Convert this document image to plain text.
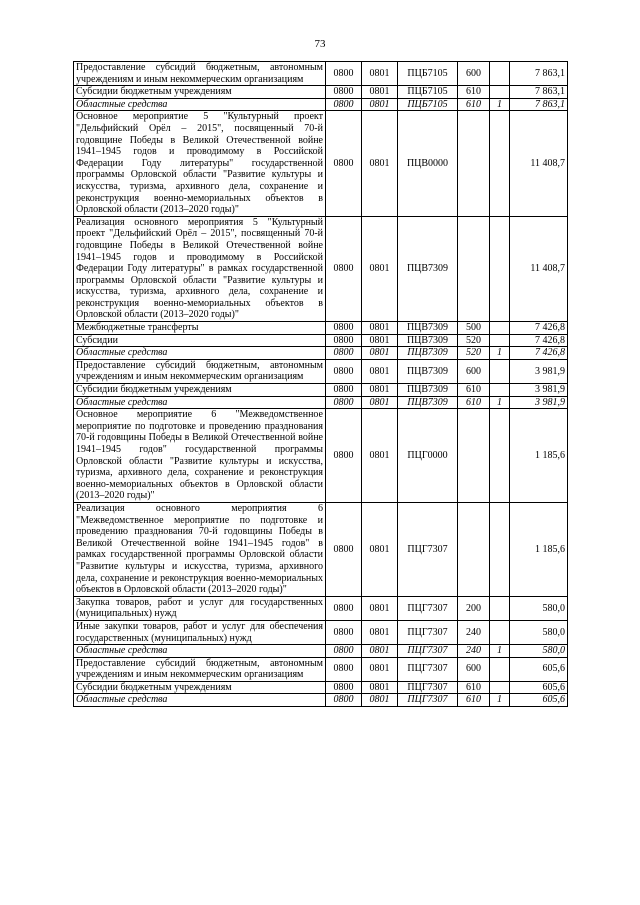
73
Предоставление субсидий бюджетным, автономным учреждениям и иным некоммерческим организациям	0800	0801	ПЦБ7105	600		7 863,1
Субсидии бюджетным учреждениям	0800	0801	ПЦБ7105	610		7 863,1
Областные средства	0800	0801	ПЦБ7105	610	1	7 863,1
Основное мероприятие 5 "Культурный проект "Дельфийский Орёл – 2015", посвященный 70-й годовщине Победы в Великой Отечественной войне 1941–1945 годов и проводимому в Российской Федерации Году литературы" государственной программы Орловской области "Развитие культуры и искусства, туризма, архивного дела, сохранение и реконструкция военно-мемориальных объектов в Орловской области (2013–2020 годы)"	0800	0801	ПЦВ0000			11 408,7
Реализация основного мероприятия 5 "Культурный проект "Дельфийский Орёл – 2015", посвященный 70-й годовщине Победы в Великой Отечественной войне 1941–1945 годов и проводимому в Российской Федерации Году литературы" в рамках государственной программы Орловской области "Развитие культуры и искусства, туризма, архивного дела, сохранение и реконструкция военно-мемориальных объектов в Орловской области (2013–2020 годы)"	0800	0801	ПЦВ7309			11 408,7
Межбюджетные трансферты	0800	0801	ПЦВ7309	500		7 426,8
Субсидии	0800	0801	ПЦВ7309	520		7 426,8
Областные средства	0800	0801	ПЦВ7309	520	1	7 426,8
Предоставление субсидий бюджетным, автономным учреждениям и иным некоммерческим организациям	0800	0801	ПЦВ7309	600		3 981,9
Субсидии бюджетным учреждениям	0800	0801	ПЦВ7309	610		3 981,9
Областные средства	0800	0801	ПЦВ7309	610	1	3 981,9
Основное мероприятие 6 "Межведомственное мероприятие по подготовке и проведению празднования 70-й годовщины Победы в Великой Отечественной войне 1941–1945 годов" государственной программы Орловской области "Развитие культуры и искусства, туризма, архивного дела, сохранение и реконструкция военно-мемориальных объектов в Орловской области (2013–2020 годы)"	0800	0801	ПЦГ0000			1 185,6
Реализация основного мероприятия 6 "Межведомственное мероприятие по подготовке и проведению празднования 70-й годовщины Победы в Великой Отечественной войне 1941–1945 годов" в рамках государственной программы Орловской области "Развитие культуры и искусства, туризма, архивного дела, сохранение и реконструкция военно-мемориальных объектов в Орловской области (2013–2020 годы)"	0800	0801	ПЦГ7307			1 185,6
Закупка товаров, работ и услуг для государственных (муниципальных) нужд	0800	0801	ПЦГ7307	200		580,0
Иные закупки товаров, работ и услуг для обеспечения государственных (муниципальных) нужд	0800	0801	ПЦГ7307	240		580,0
Областные средства	0800	0801	ПЦГ7307	240	1	580,0
Предоставление субсидий бюджетным, автономным учреждениям и иным некоммерческим организациям	0800	0801	ПЦГ7307	600		605,6
Субсидии бюджетным учреждениям	0800	0801	ПЦГ7307	610		605,6
Областные средства	0800	0801	ПЦГ7307	610	1	605,6
